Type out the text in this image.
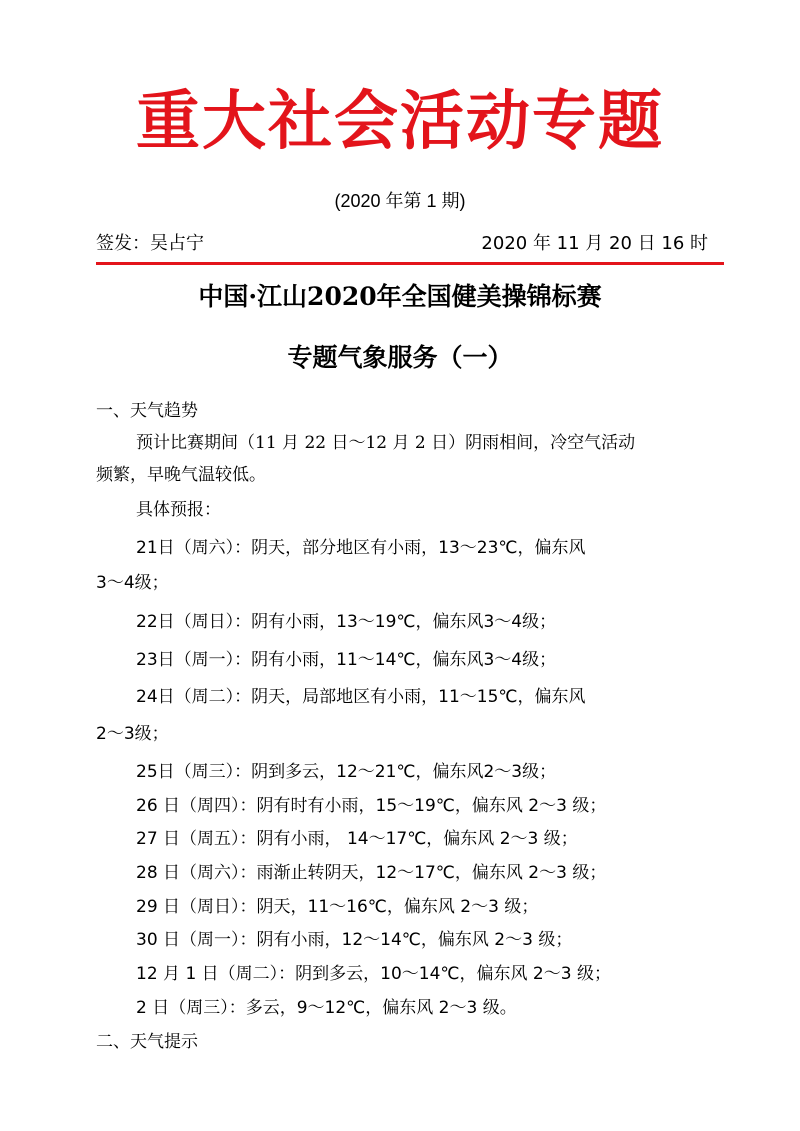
重大社会活动专题
(2020 年第 1 期)
签发：吴占宁	2020 年 11 月 20 日 16 时
中国·江山2020年全国健美操锦标赛
专题气象服务（一）
一、天气趋势
预计比赛期间（11 月 22 日～12 月 2 日）阴雨相间，冷空气活动
频繁，早晚气温较低。
具体预报：
21日（周六）：阴天，部分地区有小雨，13～23℃，偏东风
3～4级；
22日（周日）：阴有小雨，13～19℃，偏东风3～4级；
23日（周一）：阴有小雨，11～14℃，偏东风3～4级；
24日（周二）：阴天，局部地区有小雨，11～15℃，偏东风
2～3级；
25日（周三）：阴到多云，12～21℃，偏东风2～3级；
26 日（周四）：阴有时有小雨，15～19℃，偏东风 2～3 级；
27 日（周五）：阴有小雨， 14～17℃，偏东风 2～3 级；
28 日（周六）：雨渐止转阴天，12～17℃，偏东风 2～3 级；
29 日（周日）：阴天，11～16℃，偏东风 2～3 级；
30 日（周一）：阴有小雨，12～14℃，偏东风 2～3 级；
12 月 1 日（周二）：阴到多云，10～14℃，偏东风 2～3 级；
2 日（周三）：多云，9～12℃，偏东风 2～3 级。
二、天气提示
